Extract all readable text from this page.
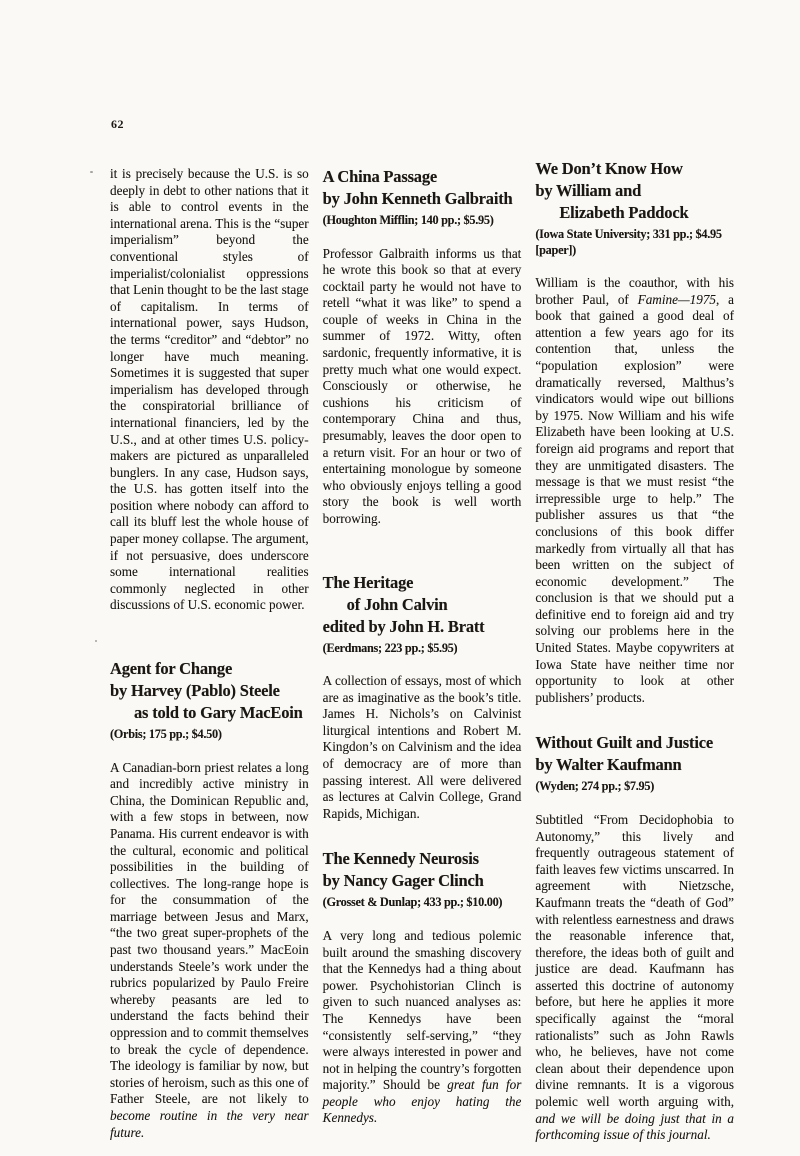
62

it is precisely because the U.S. is so deeply in debt to other nations that it is able to control events in the international arena. This is the “super imperialism” beyond the conventional styles of imperialist/colonialist oppressions that Lenin thought to be the last stage of capitalism. In terms of international power, says Hudson, the terms “creditor” and “debtor” no longer have much meaning. Sometimes it is suggested that super imperialism has developed through the conspiratorial brilliance of international financiers, led by the U.S., and at other times U.S. policy-makers are pictured as unparalleled bunglers. In any case, Hudson says, the U.S. has gotten itself into the position where nobody can afford to call its bluff lest the whole house of paper money collapse. The argument, if not persuasive, does underscore some international realities commonly neglected in other discussions of U.S. economic power.

Agent for Change
by Harvey (Pablo) Steele
as told to Gary MacEoin

(Orbis; 175 pp.; $4.50)

A Canadian-born priest relates a long and incredibly active ministry in China, the Dominican Republic and, with a few stops in between, now Panama. His current endeavor is with the cultural, economic and political possibilities in the building of collectives. The long-range hope is for the consummation of the marriage between Jesus and Marx, “the two great super-prophets of the past two thousand years.” MacEoin understands Steele’s work under the rubrics popularized by Paulo Freire whereby peasants are led to understand the facts behind their oppression and to commit themselves to break the cycle of dependence. The ideology is familiar by now, but stories of heroism, such as this one of Father Steele, are not likely to become routine in the very near future.

A China Passage
by John Kenneth Galbraith

(Houghton Mifflin; 140 pp.; $5.95)

Professor Galbraith informs us that he wrote this book so that at every cocktail party he would not have to retell “what it was like” to spend a couple of weeks in China in the summer of 1972. Witty, often sardonic, frequently informative, it is pretty much what one would expect. Consciously or otherwise, he cushions his criticism of contemporary China and thus, presumably, leaves the door open to a return visit. For an hour or two of entertaining monologue by someone who obviously enjoys telling a good story the book is well worth borrowing.

The Heritage
of John Calvin
edited by John H. Bratt

(Eerdmans; 223 pp.; $5.95)

A collection of essays, most of which are as imaginative as the book’s title. James H. Nichols’s on Calvinist liturgical intentions and Robert M. Kingdon’s on Calvinism and the idea of democracy are of more than passing interest. All were delivered as lectures at Calvin College, Grand Rapids, Michigan.

The Kennedy Neurosis
by Nancy Gager Clinch

(Grosset & Dunlap; 433 pp.; $10.00)

A very long and tedious polemic built around the smashing discovery that the Kennedys had a thing about power. Psychohistorian Clinch is given to such nuanced analyses as: The Kennedys have been “consistently self-serving,” “they were always interested in power and not in helping the country’s forgotten majority.” Should be great fun for people who enjoy hating the Kennedys.

We Don’t Know How
by William and
Elizabeth Paddock

(Iowa State University; 331 pp.; $4.95 [paper])

William is the coauthor, with his brother Paul, of Famine—1975, a book that gained a good deal of attention a few years ago for its contention that, unless the “population explosion” were dramatically reversed, Malthus’s vindicators would wipe out billions by 1975. Now William and his wife Elizabeth have been looking at U.S. foreign aid programs and report that they are unmitigated disasters. The message is that we must resist “the irrepressible urge to help.” The publisher assures us that “the conclusions of this book differ markedly from virtually all that has been written on the subject of economic development.” The conclusion is that we should put a definitive end to foreign aid and try solving our problems here in the United States. Maybe copywriters at Iowa State have neither time nor opportunity to look at other publishers’ products.

Without Guilt and Justice
by Walter Kaufmann

(Wyden; 274 pp.; $7.95)

Subtitled “From Decidophobia to Autonomy,” this lively and frequently outrageous statement of faith leaves few victims unscarred. In agreement with Nietzsche, Kaufmann treats the “death of God” with relentless earnestness and draws the reasonable inference that, therefore, the ideas both of guilt and justice are dead. Kaufmann has asserted this doctrine of autonomy before, but here he applies it more specifically against the “moral rationalists” such as John Rawls who, he believes, have not come clean about their dependence upon divine remnants. It is a vigorous polemic well worth arguing with, and we will be doing just that in a forthcoming issue of this journal.
